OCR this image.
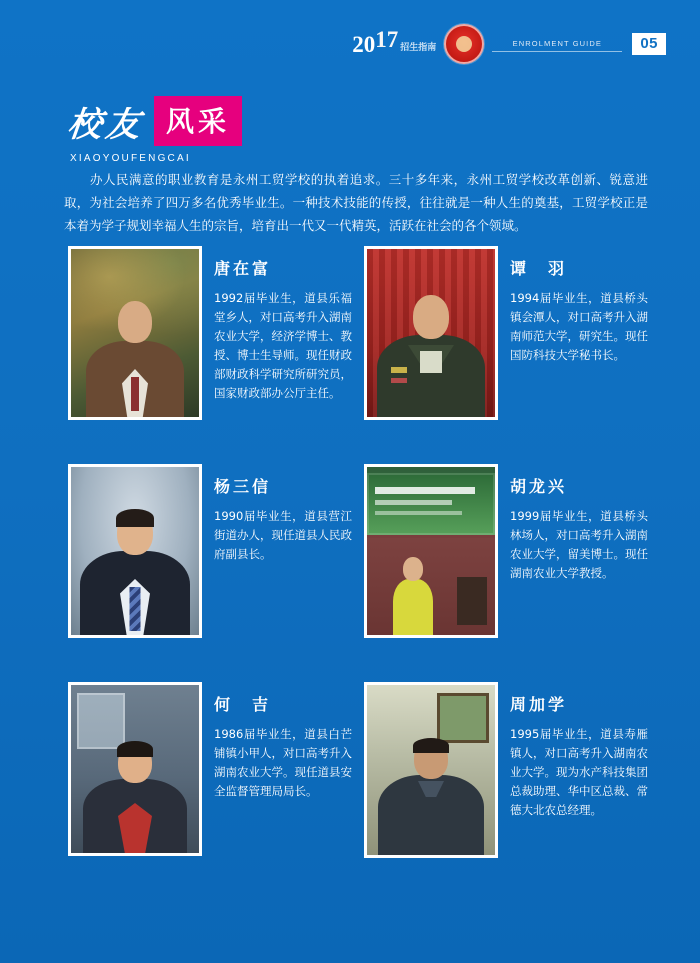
20 17 招生指南	ENROLMENT GUIDE	05
校友 风采
XIAOYOUFENGCAI
办人民满意的职业教育是永州工贸学校的执着追求。三十多年来，永州工贸学校改革创新、锐意进取，为社会培养了四万多名优秀毕业生。一种技术技能的传授，往往就是一种人生的奠基，工贸学校正是本着为学子规划幸福人生的宗旨，培育出一代又一代精英，活跃在社会的各个领域。
唐在富
1992届毕业生，道县乐福堂乡人，对口高考升入湖南农业大学，经济学博士、教授、博士生导师。现任财政部财政科学研究所研究员，国家财政部办公厅主任。
谭　羽
1994届毕业生，道县桥头镇会潭人，对口高考升入湖南师范大学，研究生。现任国防科技大学秘书长。
杨三信
1990届毕业生，道县营江街道办人，现任道县人民政府副县长。
胡龙兴
1999届毕业生，道县桥头林场人，对口高考升入湖南农业大学，留美博士。现任湖南农业大学教授。
何　吉
1986届毕业生，道县白芒铺镇小甲人，对口高考升入湖南农业大学。现任道县安全监督管理局局长。
周加学
1995届毕业生，道县寿雁镇人，对口高考升入湖南农业大学。现为水产科技集团总裁助理、华中区总裁、常德大北农总经理。
